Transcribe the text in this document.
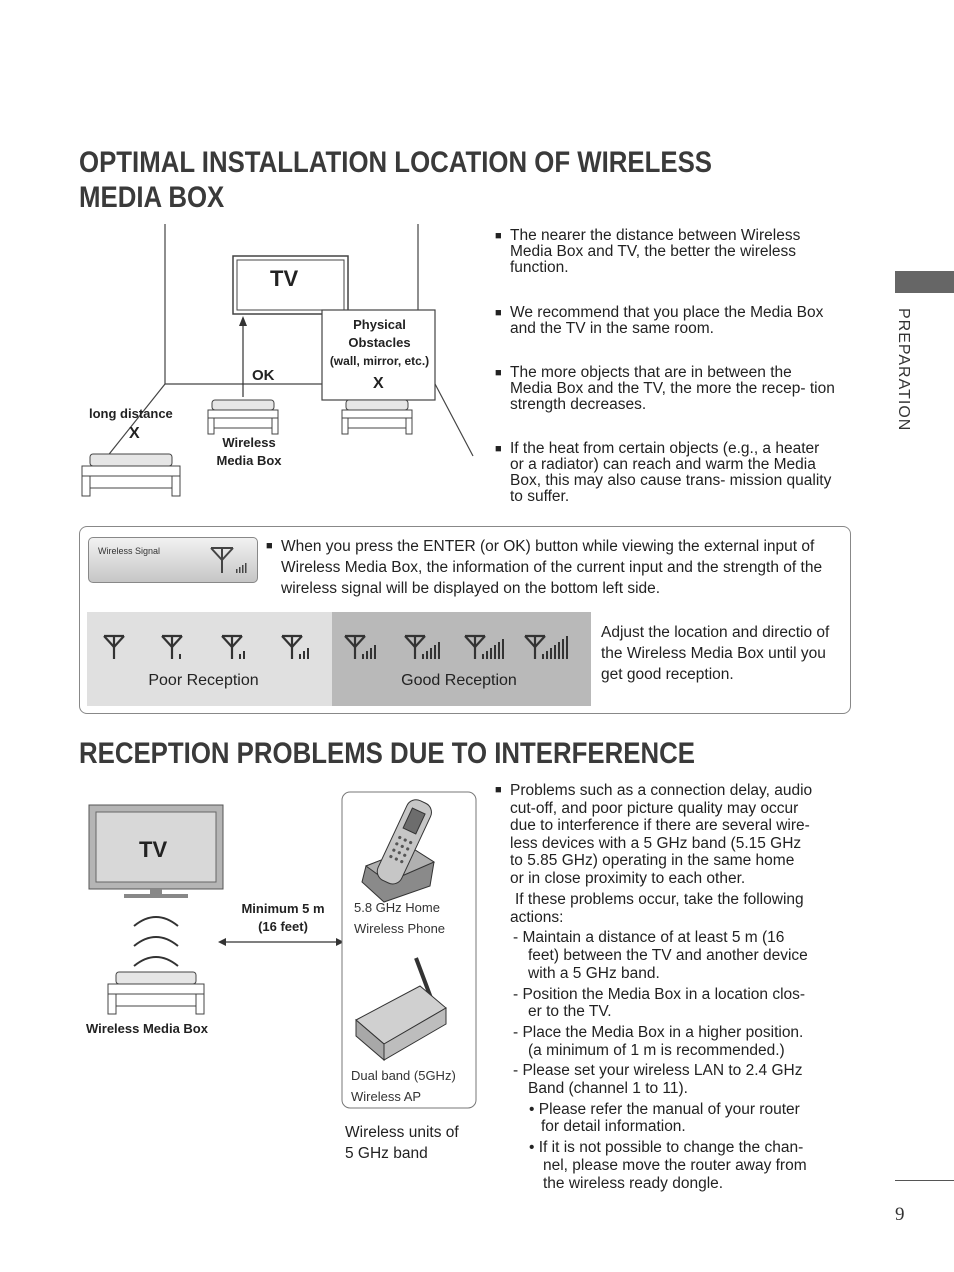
OPTIMAL INSTALLATION LOCATION OF WIRELESS
MEDIA BOX
TV
Physical
Obstacles
(wall, mirror, etc.)
X
OK
long distance
X
Wireless
Media Box
■ The nearer the distance between Wireless Media Box and TV, the better the wireless function.
■ We recommend that you place the Media Box and the TV in the same room.
■ The more objects that are in between the Media Box and the TV, the more the recep- tion strength decreases.
■ If the heat from certain objects (e.g., a heater or a radiator) can reach and warm the Media Box, this may also cause trans- mission quality to suffer.
Wireless Signal	■ When you press the ENTER (or OK) button while viewing the external input of Wireless Media Box, the information of the current input and the strength of the wireless signal will be displayed on the bottom left side.
Poor Reception	Good Reception
Adjust the location and directio of the Wireless Media Box until you get good reception.
RECEPTION PROBLEMS DUE TO INTERFERENCE
TV
Minimum 5 m
(16 feet)
Wireless Media Box
5.8 GHz Home
Wireless Phone
Dual band (5GHz)
Wireless AP
Wireless units of
5 GHz band
■ Problems such as a connection delay, audio
cut-off, and poor picture quality may occur
due to interference if there are several wire-
less devices with a 5 GHz band (5.15 GHz
to 5.85 GHz) operating in the same home
or in close proximity to each other.
If these problems occur, take the following
actions:
- Maintain a distance of at least 5 m (16
feet) between the TV and another device
with a 5 GHz band.
- Position the Media Box in a location clos-
er to the TV.
- Place the Media Box in a higher position.
(a minimum of 1 m is recommended.)
- Please set your wireless LAN to 2.4 GHz
Band (channel 1 to 11).
• Please refer the manual of your router
for detail information.
• If it is not possible to change the chan-
nel, please move the router away from
the wireless ready dongle.
PREPARATION
9
